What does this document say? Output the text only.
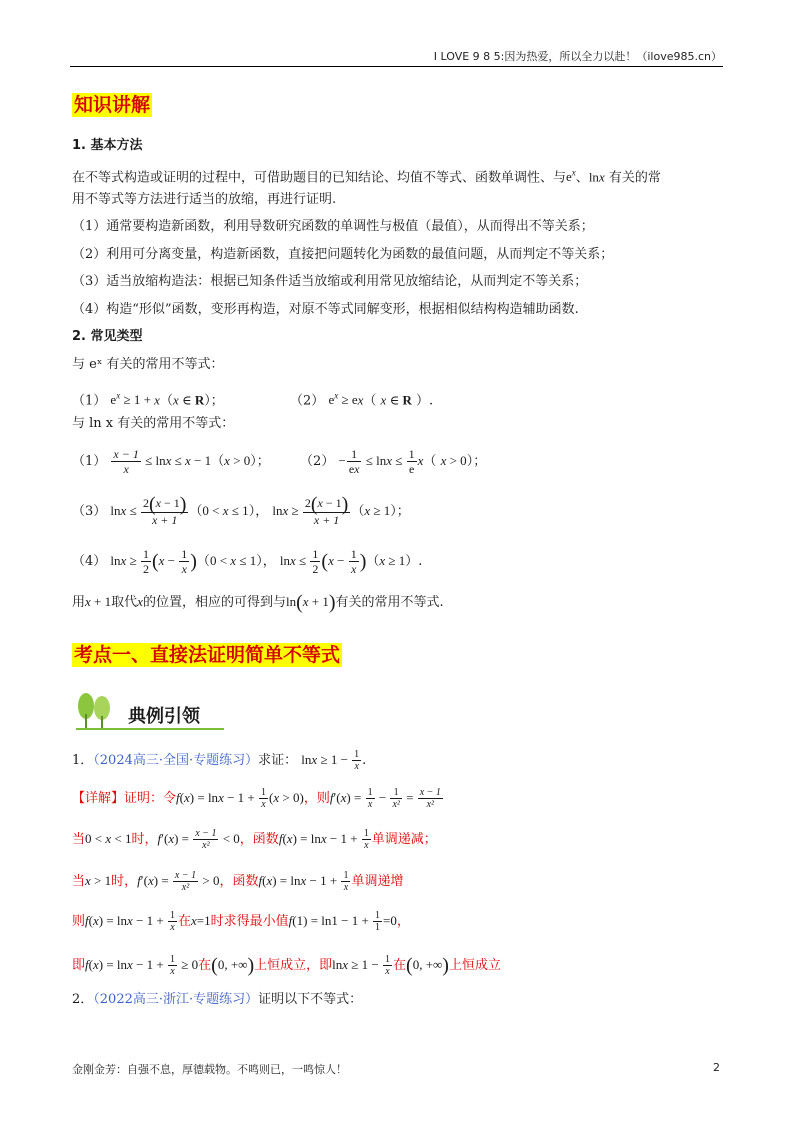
I LOVE 9 8 5:因为热爱，所以全力以赴！（ilove985.cn）
知识讲解
1. 基本方法
在不等式构造或证明的过程中，可借助题目的已知结论、均值不等式、函数单调性、与$e^x$、lnx 有关的常
用不等式等方法进行适当的放缩，再进行证明.
（1）通常要构造新函数，利用导数研究函数的单调性与极值（最值），从而得出不等关系；
（2）利用可分离变量，构造新函数，直接把问题转化为函数的最值问题，从而判定不等关系；
（3）适当放缩构造法：根据已知条件适当放缩或利用常见放缩结论，从而判定不等关系；
（4）构造“形似”函数，变形再构造，对原不等式同解变形，根据相似结构构造辅助函数.
2. 常见类型
与 eˣ 有关的常用不等式：
（1） $e^x \ge 1 + x(x$ ∈ R）；	（2） $e^x \ge ex$（ x ∈ R ）.
与 ln x 有关的常用不等式：
$(1) \frac{x - 1}{x} \le \ln x \le x - 1(x > 0)$；  $(2) - \frac{1}{ex} \le \ln x \le \frac{1}{e} x$（ x > 0）；
（3） $\ln x \le \frac{2(x - 1)}{x + 1} (0 < x \le 1)$， $\ln x \ge \frac{2(x - 1)}{x + 1} (x \ge 1)$；
（4） $\ln x \ge \frac{1}{2} (x - \frac{1}{x} )(0 < x \le 1)$， $\ln x \le \frac{1}{2} (x - \frac{1}{x} )(x \ge 1)$.
用x + 1取代x的位置，相应的可得到与ln(x + 1)有关的常用不等式.
考点一、直接法证明简单不等式
典例引领
1．（2024高三·全国·专题练习）求证： $\ln x \ge 1 - \frac{1}{x}$ .
【详解】证明：令$f(x) = \ln x - 1 + \frac{1}{x} (x > 0)$，则$f'(x) = \frac{1}{x} - \frac{1}{\text{x²}} = \frac{x - 1}{\text{x²}}$
当0 < x < 1时，$f'(x) = \frac{x - 1}{\text{x²}} < 0$，函数$f(x) = \ln x - 1 + \frac{1}{x}$ 单调递减；
当x > 1时，$f'(x) = \frac{x - 1}{\text{x²}} > 0$，函数$f(x) = \ln x - 1 + \frac{1}{x}$ 单调递增
则$f(x) = \ln x - 1 + \frac{1}{x}$ 在x=1时求得最小值$f(1) = \ln 1 - 1 + \frac{1}{1} =0$，
即$f(x) = \ln x - 1 + \frac{1}{x} \ge 0$在(0, +∞)上恒成立，即$\ln x \ge 1 - \frac{1}{x}$ 在(0, +∞)上恒成立
2．（2022高三·浙江·专题练习）证明以下不等式：
金刚金芳：自强不息，厚德载物。不鸣则已，一鸣惊人！	2
